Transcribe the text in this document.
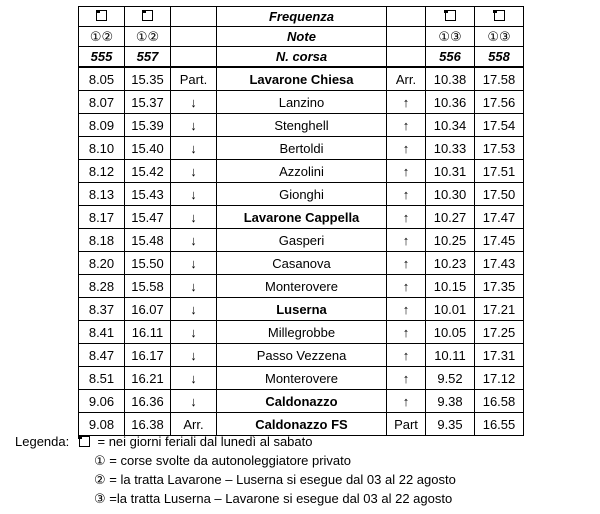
			Frequenza			
①②	①②		Note		①③	①③
555	557		N. corsa		556	558
8.05	15.35	Part.	Lavarone Chiesa	Arr.	10.38	17.58
8.07	15.37	↓	Lanzino	↑	10.36	17.56
8.09	15.39	↓	Stenghell	↑	10.34	17.54
8.10	15.40	↓	Bertoldi	↑	10.33	17.53
8.12	15.42	↓	Azzolini	↑	10.31	17.51
8.13	15.43	↓	Gionghi	↑	10.30	17.50
8.17	15.47	↓	Lavarone Cappella	↑	10.27	17.47
8.18	15.48	↓	Gasperi	↑	10.25	17.45
8.20	15.50	↓	Casanova	↑	10.23	17.43
8.28	15.58	↓	Monterovere	↑	10.15	17.35
8.37	16.07	↓	Luserna	↑	10.01	17.21
8.41	16.11	↓	Millegrobbe	↑	10.05	17.25
8.47	16.17	↓	Passo Vezzena	↑	10.11	17.31
8.51	16.21	↓	Monterovere	↑	9.52	17.12
9.06	16.36	↓	Caldonazzo	↑	9.38	16.58
9.08	16.38	Arr.	Caldonazzo FS	Part	9.35	16.55
Legenda: = nei giorni feriali dal lunedì al sabato
① = corse svolte da autonoleggiatore privato
② = la tratta Lavarone – Luserna si esegue dal 03 al 22 agosto
③ =la tratta Luserna – Lavarone si esegue dal 03 al 22 agosto
